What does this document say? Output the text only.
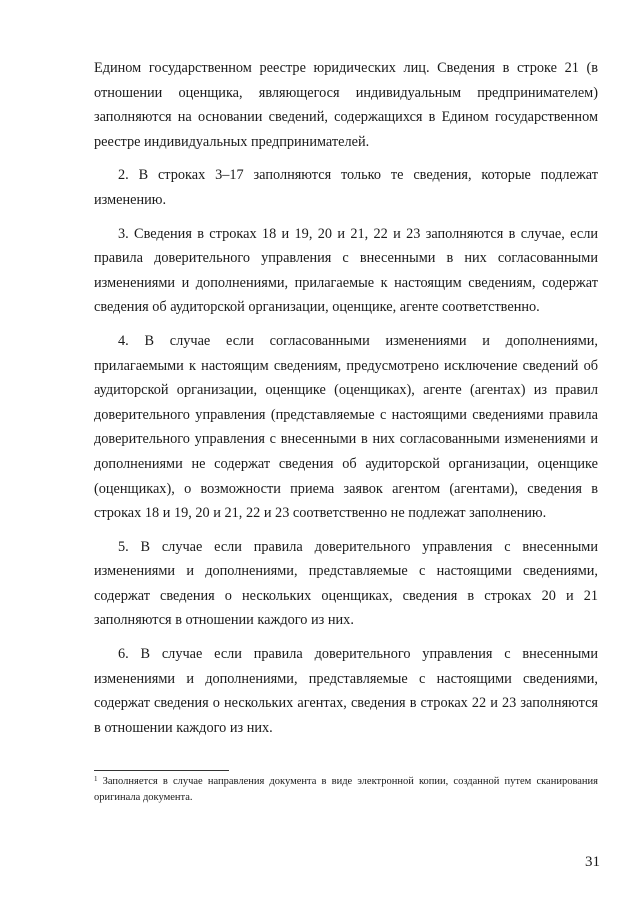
Едином государственном реестре юридических лиц. Сведения в строке 21 (в отношении оценщика, являющегося индивидуальным предпринимателем) заполняются на основании сведений, содержащихся в Едином государственном реестре индивидуальных предпринимателей.

2. В строках 3–17 заполняются только те сведения, которые подлежат изменению.

3. Сведения в строках 18 и 19, 20 и 21, 22 и 23 заполняются в случае, если правила доверительного управления с внесенными в них согласованными изменениями и дополнениями, прилагаемые к настоящим сведениям, содержат сведения об аудиторской организации, оценщике, агенте соответственно.

4. В случае если согласованными изменениями и дополнениями, прилагаемыми к настоящим сведениям, предусмотрено исключение сведений об аудиторской организации, оценщике (оценщиках), агенте (агентах) из правил доверительного управления (представляемые с настоящими сведениями правила доверительного управления с внесенными в них согласованными изменениями и дополнениями не содержат сведения об аудиторской организации, оценщике (оценщиках), о возможности приема заявок агентом (агентами), сведения в строках 18 и 19, 20 и 21, 22 и 23 соответственно не подлежат заполнению.

5. В случае если правила доверительного управления с внесенными изменениями и дополнениями, представляемые с настоящими сведениями, содержат сведения о нескольких оценщиках, сведения в строках 20 и 21 заполняются в отношении каждого из них.

6. В случае если правила доверительного управления с внесенными изменениями и дополнениями, представляемые с настоящими сведениями, содержат сведения о нескольких агентах, сведения в строках 22 и 23 заполняются в отношении каждого из них.

$^1$ Заполняется в случае направления документа в виде электронной копии, созданной путем сканирования оригинала документа.

31
